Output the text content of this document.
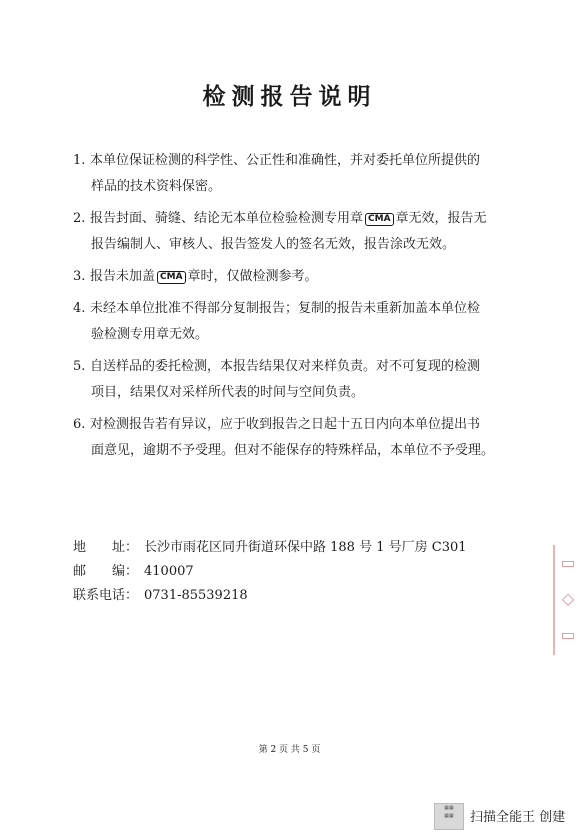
检测报告说明
1. 本单位保证检测的科学性、公正性和准确性，并对委托单位所提供的
样品的技术资料保密。
2. 报告封面、骑缝、结论无本单位检验检测专用章 CMA 章无效，报告无
报告编制人、审核人、报告签发人的签名无效，报告涂改无效。
3. 报告未加盖 CMA 章时，仅做检测参考。
4. 未经本单位批准不得部分复制报告；复制的报告未重新加盖本单位检
验检测专用章无效。
5. 自送样品的委托检测，本报告结果仅对来样负责。对不可复现的检测
项目，结果仅对采样所代表的时间与空间负责。
6. 对检测报告若有异议，应于收到报告之日起十五日内向本单位提出书
面意见，逾期不予受理。但对不能保存的特殊样品，本单位不予受理。
地　　址： 长沙市雨花区同升街道环保中路 188 号 1 号厂房 C301
邮　　编： 410007
联系电话： 0731-85539218
▭
◇
▭
第 2 页 共 5 页
▦▦
▦▦	扫描全能王 创建
